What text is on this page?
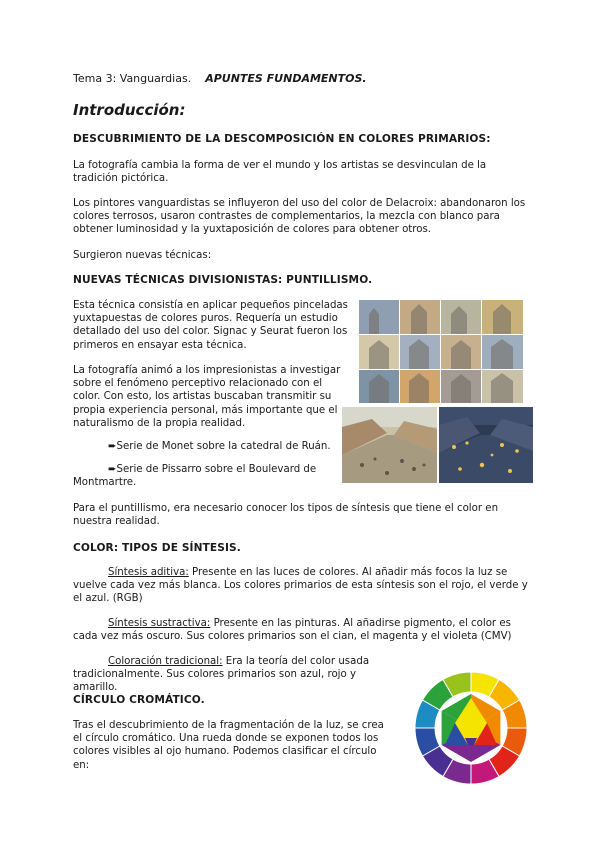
Tema 3: Vanguardias. APUNTES FUNDAMENTOS.
Introducción:
DESCUBRIMIENTO DE LA DESCOMPOSICIÓN EN COLORES PRIMARIOS:
La fotografía cambia la forma de ver el mundo y los artistas se desvinculan de la tradición pictórica.
Los pintores vanguardistas se influyeron del uso del color de Delacroix: abandonaron los colores terrosos, usaron contrastes de complementarios, la mezcla con blanco para obtener luminosidad y la yuxtaposición de colores para obtener otros.
Surgieron nuevas técnicas:
NUEVAS TÉCNICAS DIVISIONISTAS: PUNTILLISMO.
Esta técnica consistía en aplicar pequeños pinceladas yuxtapuestas de colores puros. Requería un estudio detallado del uso del color. Signac y Seurat fueron los primeros en ensayar esta técnica.
La fotografía animó a los impresionistas a investigar sobre el fenómeno perceptivo relacionado con el color. Con esto, los artistas buscaban transmitir su propia experiencia personal, más importante que el naturalismo de la propia realidad.
➨Serie de Monet sobre la catedral de Ruán.
➨Serie de Pissarro sobre el Boulevard de Montmartre.
Para el puntillismo, era necesario conocer los tipos de síntesis que tiene el color en nuestra realidad.
COLOR: TIPOS DE SÍNTESIS.
Síntesis aditiva: Presente en las luces de colores. Al añadir más focos la luz se vuelve cada vez más blanca. Los colores primarios de esta síntesis son el rojo, el verde y el azul. (RGB)
Síntesis sustractiva: Presente en las pinturas. Al añadirse pigmento, el color es cada vez más oscuro. Sus colores primarios son el cian, el magenta y el violeta (CMV)
Coloración tradicional: Era la teoría del color usada tradicionalmente. Sus colores primarios son azul, rojo y amarillo.
CÍRCULO CROMÁTICO.
Tras el descubrimiento de la fragmentación de la luz, se crea el círculo cromático. Una rueda donde se exponen todos los colores visibles al ojo humano. Podemos clasificar el círculo en:
